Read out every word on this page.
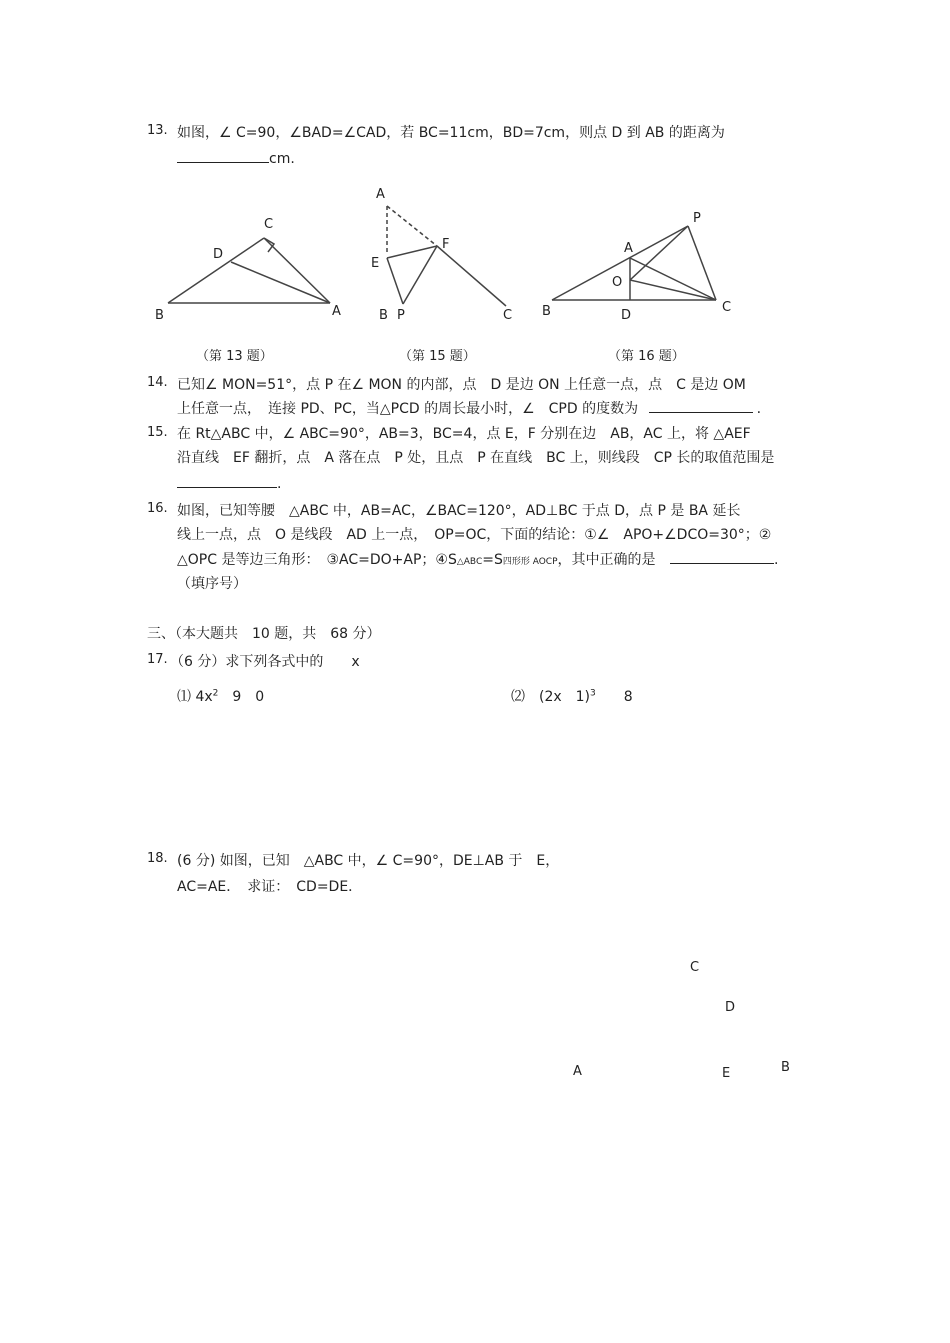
13. 如图，∠ C=90，∠BAD=∠CAD，若 BC=11cm，BD=7cm，则点 D 到 AB 的距离为
cm.
C
D
B	A
（第 13 题）
A
F
E
B P	C
（第 15 题）
P
A
O
B	D
C
（第 16 题）
14. 已知∠ MON=51°，点 P 在∠ MON 的内部，点　D 是边 ON 上任意一点，点　C 是边 OM
上任意一点，　连接 PD、PC，当△PCD 的周长最小时，∠　CPD 的度数为	.
15. 在 Rt△ABC 中，∠ ABC=90°，AB=3，BC=4，点 E，F 分别在边　AB，AC 上，将 △AEF
沿直线　EF 翻折，点　A 落在点　P 处，且点　P 在直线　BC 上，则线段　CP 长的取值范围是
.
16. 如图，已知等腰　△ABC 中，AB=AC，∠BAC=120°，AD⊥BC 于点 D，点 P 是 BA 延长
线上一点，点　O 是线段　AD 上一点，　OP=OC，下面的结论：①∠　APO+∠DCO=30°；②
△OPC 是等边三角形：　③AC=DO+AP；④S△ABC=S四形形 AOCP，其中正确的是	.
（填序号）
三、（本大题共　10 题，共　68 分）
17. （6 分）求下列各式中的　　x
⑴ $4x^2$　9　0	⑵　(2x　1)$^3$　　8
18. (6 分) 如图，已知　△ABC 中，∠ C=90°，DE⊥AB 于　E，
AC=AE．　求证：　CD=DE．
C
D
A	E	B
